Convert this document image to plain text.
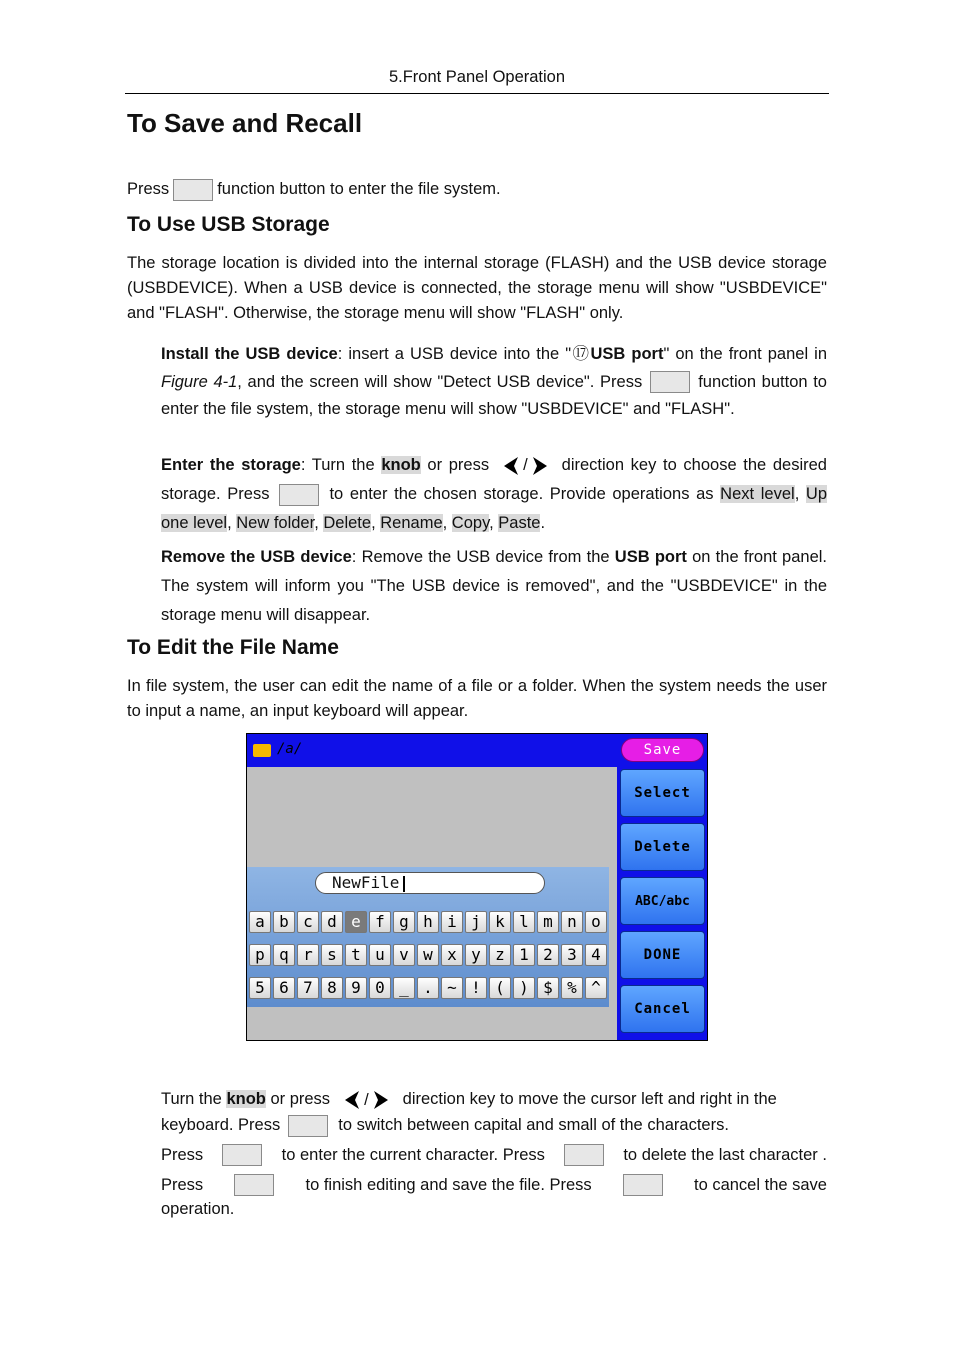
5.Front Panel Operation
To Save and Recall
Press	function button to enter the file system.
To Use USB Storage
The storage location is divided into the internal storage (FLASH) and the USB device storage (USBDEVICE). When a USB device is connected, the storage menu will show "USBDEVICE" and "FLASH". Otherwise, the storage menu will show "FLASH" only.
Install the USB device: insert a USB device into the "⑰USB port" on the front panel in Figure 4-1, and the screen will show "Detect USB device". Press	function button to enter the file system, the storage menu will show "USBDEVICE" and "FLASH".
Enter the storage: Turn the knob or press / direction key to choose the desired storage. Press	to enter the chosen storage. Provide operations as Next level, Up one level, New folder, Delete, Rename, Copy, Paste.
Remove the USB device: Remove the USB device from the USB port on the front panel. The system will inform you "The USB device is removed", and the "USBDEVICE" in the storage menu will disappear.
To Edit the File Name
In file system, the user can edit the name of a file or a folder. When the system needs the user to input a name, an input keyboard will appear.
/a/	Save
Select
Delete
ABC/abc
DONE
Cancel
NewFile
a b c d e f g h i j k l m n o
p q r s t u v w x y z 1 2 3 4
5 6 7 8 9 0 _ . ~ ! ( ) $ % ^
Turn the knob or press / direction key to move the cursor left and right in the
keyboard. Press	to switch between capital and small of the characters.
Press	to enter the current character. Press	to delete the last character .
Press	to finish editing and save the file. Press	to cancel the save
operation.
